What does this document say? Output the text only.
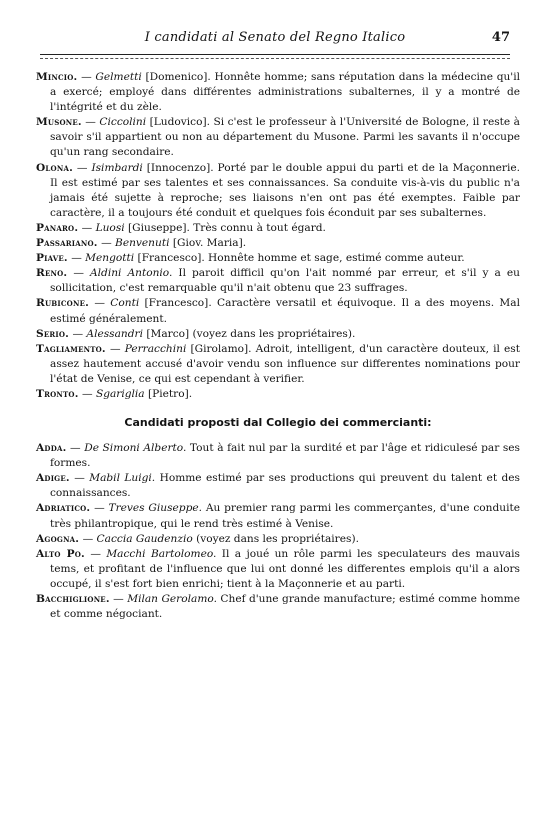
I candidati al Senato del Regno Italico	47

Mincio. — Gelmetti [Domenico]. Honnête homme; sans réputation dans la médecine qu'il a exercé; employé dans différentes administrations subalternes, il y a montré de l'intégrité et du zèle.

Musone. — Ciccolini [Ludovico]. Si c'est le professeur à l'Université de Bologne, il reste à savoir s'il appartient ou non au département du Musone. Parmi les savants il n'occupe qu'un rang secondaire.

Olona. — Isimbardi [Innocenzo]. Porté par le double appui du parti et de la Maçonnerie. Il est estimé par ses talentes et ses connaissances. Sa conduite vis-à-vis du public n'a jamais été sujette à reproche; ses liaisons n'en ont pas été exemptes. Faible par caractère, il a toujours été conduit et quelques fois éconduit par ses subalternes.

Panaro. — Luosi [Giuseppe]. Très connu à tout égard.

Passariano. — Benvenuti [Giov. Maria].

Piave. — Mengotti [Francesco]. Honnête homme et sage, estimé comme auteur.

Reno. — Aldini Antonio. Il paroit difficil qu'on l'ait nommé par erreur, et s'il y a eu sollicitation, c'est remarquable qu'il n'ait obtenu que 23 suffrages.

Rubicone. — Conti [Francesco]. Caractère versatil et équivoque. Il a des moyens. Mal estimé généralement.

Serio. — Alessandri [Marco] (voyez dans les propriétaires).

Tagliamento. — Perracchini [Girolamo]. Adroit, intelligent, d'un caractère douteux, il est assez hautement accusé d'avoir vendu son influence sur differentes nominations pour l'état de Venise, ce qui est cependant à verifier.

Tronto. — Sgariglia [Pietro].

Candidati proposti dal Collegio dei commercianti:

Adda. — De Simoni Alberto. Tout à fait nul par la surdité et par l'âge et ridiculesé par ses formes.

Adige. — Mabil Luigi. Homme estimé par ses productions qui preuvent du talent et des connaissances.

Adriatico. — Treves Giuseppe. Au premier rang parmi les commerçantes, d'une conduite très philantropique, qui le rend très estimé à Venise.

Agogna. — Caccia Gaudenzio (voyez dans les propriétaires).

Alto Po. — Macchi Bartolomeo. Il a joué un rôle parmi les speculateurs des mauvais tems, et profitant de l'influence que lui ont donné les differentes emplois qu'il a alors occupé, il s'est fort bien enrichi; tient à la Maçonnerie et au parti.

Bacchiglione. — Milan Gerolamo. Chef d'une grande manufacture; estimé comme homme et comme négociant.
